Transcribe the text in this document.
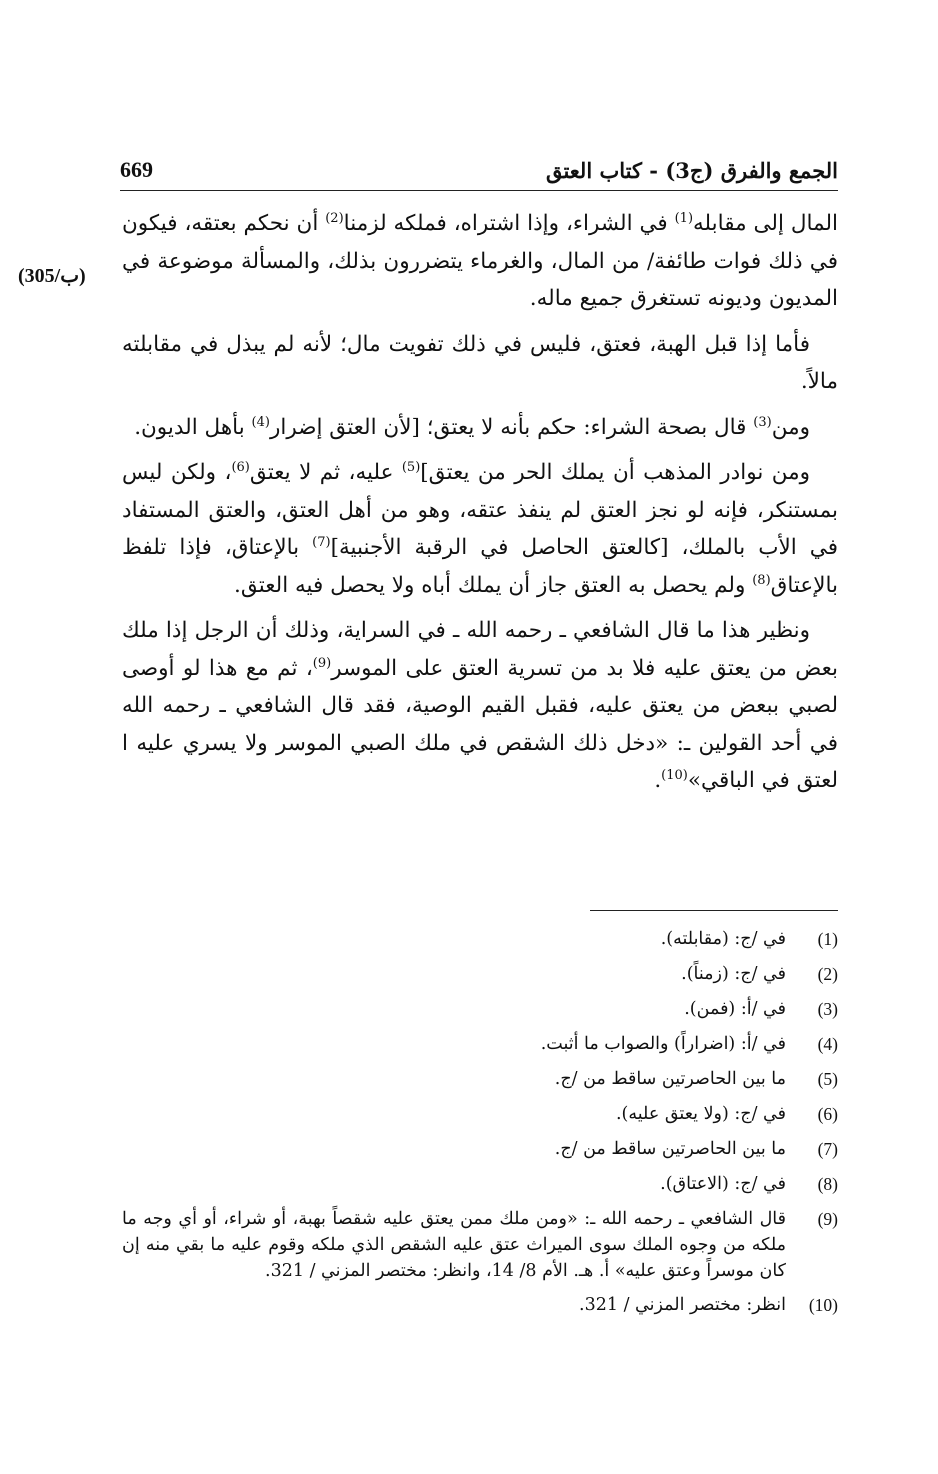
669	الجمع والفرق (ج3) - كتاب العتق
(305/ب)

المال إلى مقابله$^{(1)}$ في الشراء، وإذا اشتراه، فملكه لزمنا$^{(2)}$ أن نحكم بعتقه، فيكون في ذلك فوات طائفة/ من المال، والغرماء يتضررون بذلك، والمسألة موضوعة في المديون وديونه تستغرق جميع ماله.

فأما إذا قبل الهبة، فعتق، فليس في ذلك تفويت مال؛ لأنه لم يبذل في مقابلته مالاً.

ومن$^{(3)}$ قال بصحة الشراء: حكم بأنه لا يعتق؛ [لأن العتق إضرار$^{(4)}$ بأهل الديون.

ومن نوادر المذهب أن يملك الحر من يعتق]$^{(5)}$ عليه، ثم لا يعتق$^{(6)}$، ولكن ليس بمستنكر، فإنه لو نجز العتق لم ينفذ عتقه، وهو من أهل العتق، والعتق المستفاد في الأب بالملك، [كالعتق الحاصل في الرقبة الأجنبية]$^{(7)}$ بالإعتاق، فإذا تلفظ بالإعتاق$^{(8)}$ ولم يحصل به العتق جاز أن يملك أباه ولا يحصل فيه العتق.

ونظير هذا ما قال الشافعي ـ رحمه الله ـ في السراية، وذلك أن الرجل إذا ملك بعض من يعتق عليه فلا بد من تسرية العتق على الموسر$^{(9)}$، ثم مع هذا لو أوصى لصبي ببعض من يعتق عليه، فقبل القيم الوصية، فقد قال الشافعي ـ رحمه الله في أحد القولين ـ: «دخل ذلك الشقص في ملك الصبي الموسر ولا يسري عليه ا لعتق في الباقي»$^{(10)}$.

(1)
في /ج: (مقابلته).
(2)
في /ج: (زمناً).
(3)
في /أ: (فمن).
(4)
في /أ: (اضراراً) والصواب ما أثبت.
(5)
ما بين الحاصرتين ساقط من /ج.
(6)
في /ج: (ولا يعتق عليه).
(7)
ما بين الحاصرتين ساقط من /ج.
(8)
في /ج: (الاعتاق).
(9)
قال الشافعي ـ رحمه الله ـ: «ومن ملك ممن يعتق عليه شقصاً بهبة، أو شراء، أو أي وجه ما ملكه من وجوه الملك سوى الميراث عتق عليه الشقص الذي ملكه وقوم عليه ما بقي منه إن كان موسراً وعتق عليه» أ. هـ. الأم 8/ 14، وانظر: مختصر المزني / 321.
(10)
انظر: مختصر المزني / 321.
